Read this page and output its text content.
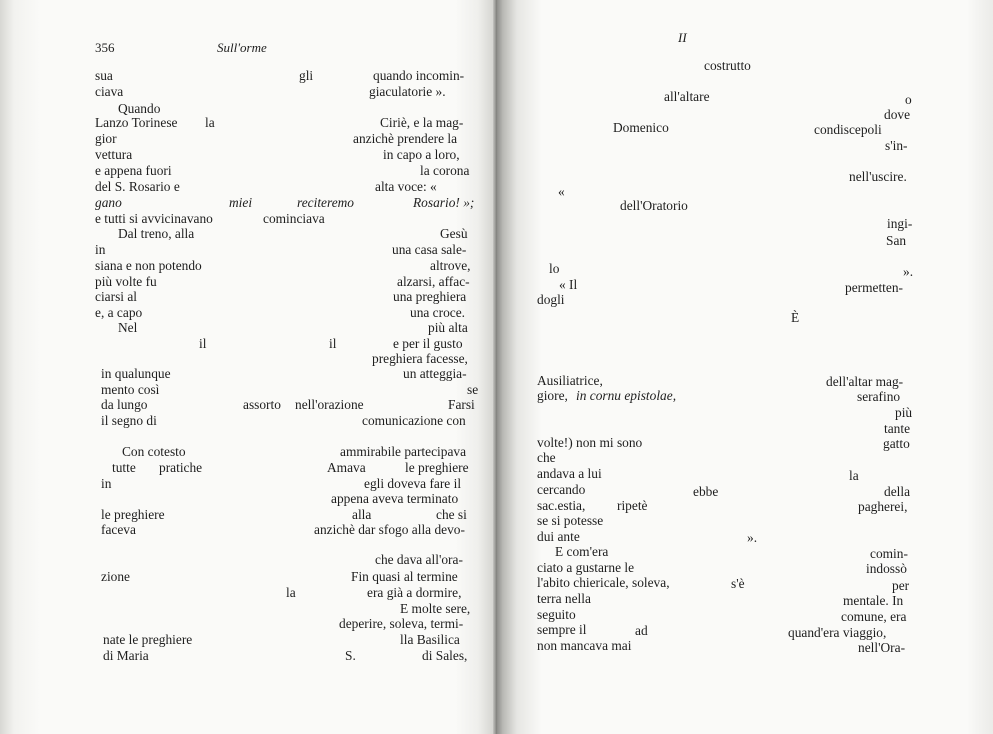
356	Sull'orme
sua	gli	quando incomin-
ciava	giaculatorie ».
Quando
Lanzo Torinese la	Ciriè, e la mag-
gior	anzichè prendere la
vettura	in capo a loro,
e appena fuori	la corona
del S. Rosario e	alta voce: «
gano	miei	reciteremo	Rosario! »;
e tutti si avvicinavano	cominciava
Dal treno, alla	Gesù
in	una casa sale-
siana e non potendo	altrove,
più volte fu	alzarsi, affac-
ciarsi al	una preghiera
e, a capo	una croce.
Nel	più alta
il	il	e per il gusto
preghiera facesse,
in qualunque	un atteggia-
mento così	se
da lungo	assorto nell'orazione	Farsi
il segno di	comunicazione con
Con cotesto	ammirabile partecipava
tutte pratiche	Amava	le preghiere
in	egli doveva fare il
appena aveva terminato
le preghiere	alla	che si
faceva	anzichè dar sfogo alla devo-
che dava all'ora-
zione	Fin quasi al termine
la	era già a dormire,
E molte sere,
deperire, soleva, termi-
nate le preghiere	lla Basilica
di Maria	S.	di Sales,
II
costrutto
all'altare	o
dove
Domenico	condiscepoli
s'in-
nell'uscire.
«
dell'Oratorio
ingi-
San
lo	».
« Il	permetten-
dogli
È
Ausiliatrice,	dell'altar mag-
giore, in cornu epistolae,	serafino
più
tante
volte!) non mi sono	gatto
che
andava a lui	la
cercando	ebbe	della
sac.estia, ripetè	pagherei,
se si potesse
dui ante	».
E com'era	comin-
ciato a gustarne le	indossò
l'abito chiericale, soleva,	s'è	per
terra nella	mentale. In
seguito	comune, era
sempre il	ad	quand'era viaggio,
non mancava mai	nell'Ora-
